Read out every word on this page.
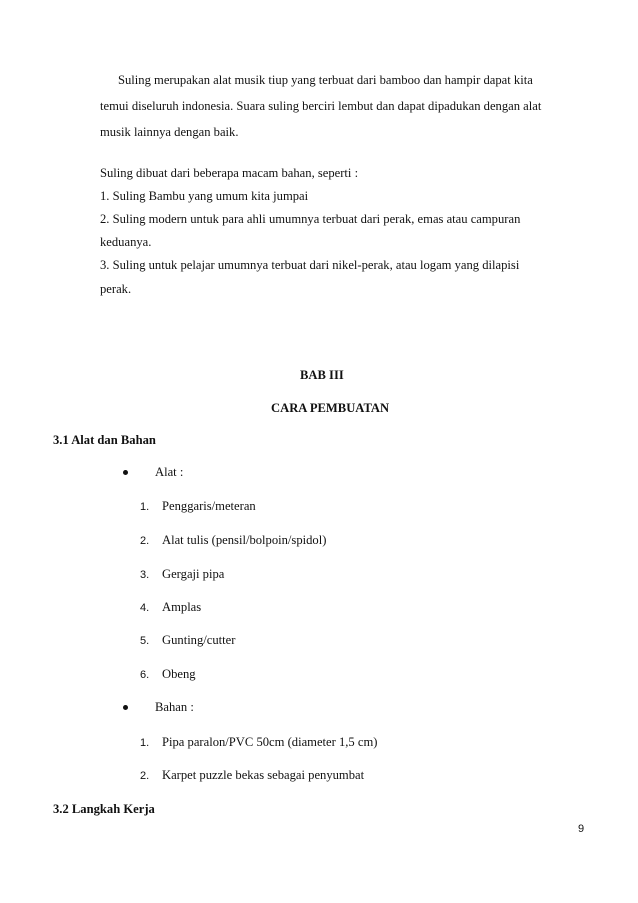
Suling merupakan alat musik tiup yang terbuat dari bamboo dan hampir dapat kita
temui diseluruh indonesia. Suara suling berciri lembut dan dapat dipadukan dengan alat
musik lainnya dengan baik.
Suling dibuat dari beberapa macam bahan, seperti :
1. Suling Bambu yang umum kita jumpai
2. Suling modern untuk para ahli umumnya terbuat dari perak, emas atau campuran
keduanya.
3. Suling untuk pelajar umumnya terbuat dari nikel-perak, atau logam yang dilapisi
perak.
BAB III
CARA PEMBUATAN
3.1 Alat dan Bahan
Alat :
1. Penggaris/meteran
2. Alat tulis (pensil/bolpoin/spidol)
3. Gergaji pipa
4. Amplas
5. Gunting/cutter
6. Obeng
Bahan :
1. Pipa paralon/PVC 50cm (diameter 1,5 cm)
2. Karpet puzzle bekas sebagai penyumbat
3.2 Langkah Kerja
9
